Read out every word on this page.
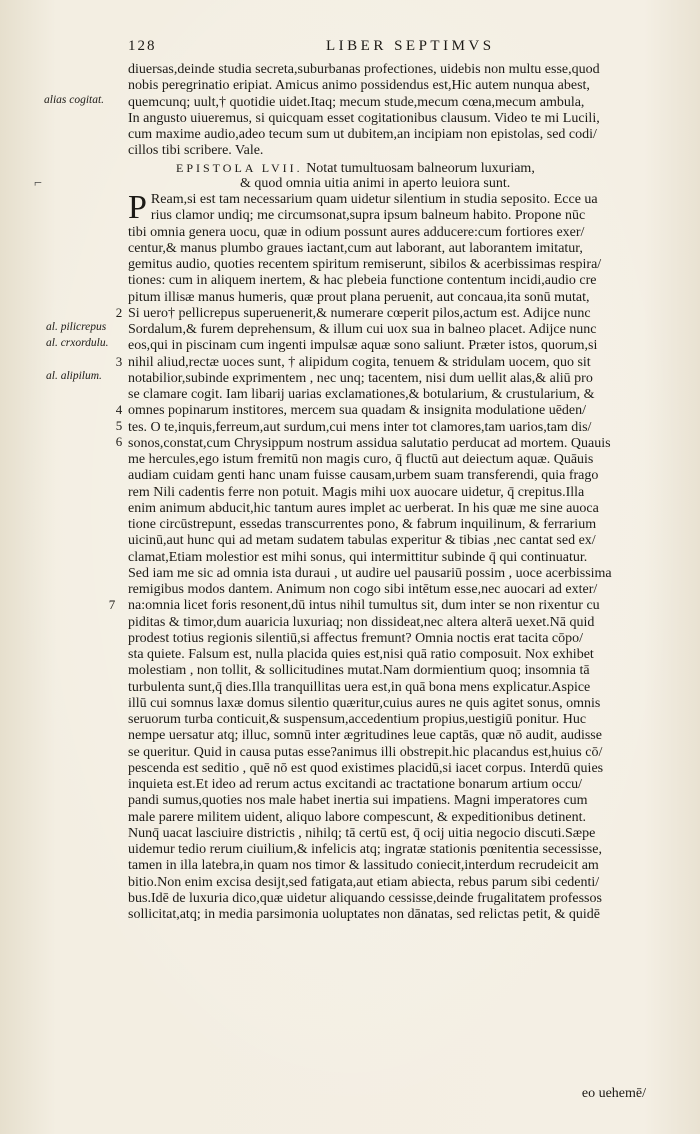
128	LIBER SEPTIMVS
alias cogitat.
al. pilicrepus
al. crxordulu.
al. alipilum.
⌐
2
3
4
5
6
7
diuersas,deinde studia secreta,suburbanas profectiones, uidebis non multu esse,quod
nobis peregrinatio eripiat. Amicus animo possidendus est,Hic autem nunqua abest,
quemcunq; uult,† quotidie uidet.Itaq; mecum stude,mecum cœna,mecum ambula,
In angusto uiueremus, si quicquam esset cogitationibus clausum. Video te mi Lucili,
cum maxime audio,adeo tecum sum ut dubitem,an incipiam non epistolas, sed codi/
cillos tibi scribere. Vale.
EPISTOLA LVII. Notat tumultuosam balneorum luxuriam,
& quod omnia uitia animi in aperto leuiora sunt.
P Ream,si est tam necessarium quam uidetur silentium in studia seposito. Ecce ua
rius clamor undiq; me circumsonat,supra ipsum balneum habito. Propone nūc
tibi omnia genera uocu, quæ in odium possunt aures adducere:cum fortiores exer/
centur,& manus plumbo graues iactant,cum aut laborant, aut laborantem imitatur,
gemitus audio, quoties recentem spiritum remiserunt, sibilos & acerbissimas respira/
tiones: cum in aliquem inertem, & hac plebeia functione contentum incidi,audio cre
pitum illisæ manus humeris, quæ prout plana peruenit, aut concaua,ita sonū mutat,
Si uero† pellicrepus superuenerit,& numerare cœperit pilos,actum est. Adijce nunc
Sordalum,& furem deprehensum, & illum cui uox sua in balneo placet. Adijce nunc
eos,qui in piscinam cum ingenti impulsæ aquæ sono saliunt. Præter istos, quorum,si
nihil aliud,rectæ uoces sunt, † alipidum cogita, tenuem & stridulam uocem, quo sit
notabilior,subinde exprimentem , nec unq; tacentem, nisi dum uellit alas,& aliū pro
se clamare cogit. Iam libarij uarias exclamationes,& botularium, & crustularium, &
omnes popinarum institores, mercem sua quadam & insignita modulatione uēden/
tes. O te,inquis,ferreum,aut surdum,cui mens inter tot clamores,tam uarios,tam dis/
sonos,constat,cum Chrysippum nostrum assidua salutatio perducat ad mortem. Quauis
me hercules,ego istum fremitū non magis curo, q̄ fluctū aut deiectum aquæ. Quāuis
audiam cuidam genti hanc unam fuisse causam,urbem suam transferendi, quia frago
rem Nili cadentis ferre non potuit. Magis mihi uox auocare uidetur, q̄ crepitus.Illa
enim animum abducit,hic tantum aures implet ac uerberat. In his quæ me sine auoca
tione circūstrepunt, essedas transcurrentes pono, & fabrum inquilinum, & ferrarium
uicinū,aut hunc qui ad metam sudatem tabulas experitur & tibias ,nec cantat sed ex/
clamat,Etiam molestior est mihi sonus, qui intermittitur subinde q̄ qui continuatur.
Sed iam me sic ad omnia ista duraui , ut audire uel pausariū possim , uoce acerbissima
remigibus modos dantem. Animum non cogo sibi intētum esse,nec auocari ad exter/
na:omnia licet foris resonent,dū intus nihil tumultus sit, dum inter se non rixentur cu
piditas & timor,dum auaricia luxuriaq; non dissideat,nec altera alterā uexet.Nā quid
prodest totius regionis silentiū,si affectus fremunt? Omnia noctis erat tacita cōpo/
sta quiete. Falsum est, nulla placida quies est,nisi quā ratio composuit. Nox exhibet
molestiam , non tollit, & sollicitudines mutat.Nam dormientium quoq; insomnia tā
turbulenta sunt,q̄ dies.Illa tranquillitas uera est,in quā bona mens explicatur.Aspice
illū cui somnus laxæ domus silentio quæritur,cuius aures ne quis agitet sonus, omnis
seruorum turba conticuit,& suspensum,accedentium propius,uestigiū ponitur. Huc
nempe uersatur atq; illuc, somnū inter ægritudines leue captās, quæ nō audit, audisse
se queritur. Quid in causa putas esse?animus illi obstrepit.hic placandus est,huius cō/
pescenda est seditio , quē nō est quod existimes placidū,si iacet corpus. Interdū quies
inquieta est.Et ideo ad rerum actus excitandi ac tractatione bonarum artium occu/
pandi sumus,quoties nos male habet inertia sui impatiens. Magni imperatores cum
male parere militem uident, aliquo labore compescunt, & expeditionibus detinent.
Nunq̄ uacat lasciuire districtis , nihilq; tā certū est, q̄ ocij uitia negocio discuti.Sæpe
uidemur tedio rerum ciuilium,& infelicis atq; ingratæ stationis pœnitentia secessisse,
tamen in illa latebra,in quam nos timor & lassitudo coniecit,interdum recrudeicit am
bitio.Non enim excisa desijt,sed fatigata,aut etiam abiecta, rebus parum sibi cedenti/
bus.Idē de luxuria dico,quæ uidetur aliquando cessisse,deinde frugalitatem professos
sollicitat,atq; in media parsimonia uoluptates non dānatas, sed relictas petit, & quidē
eo uehemē/
